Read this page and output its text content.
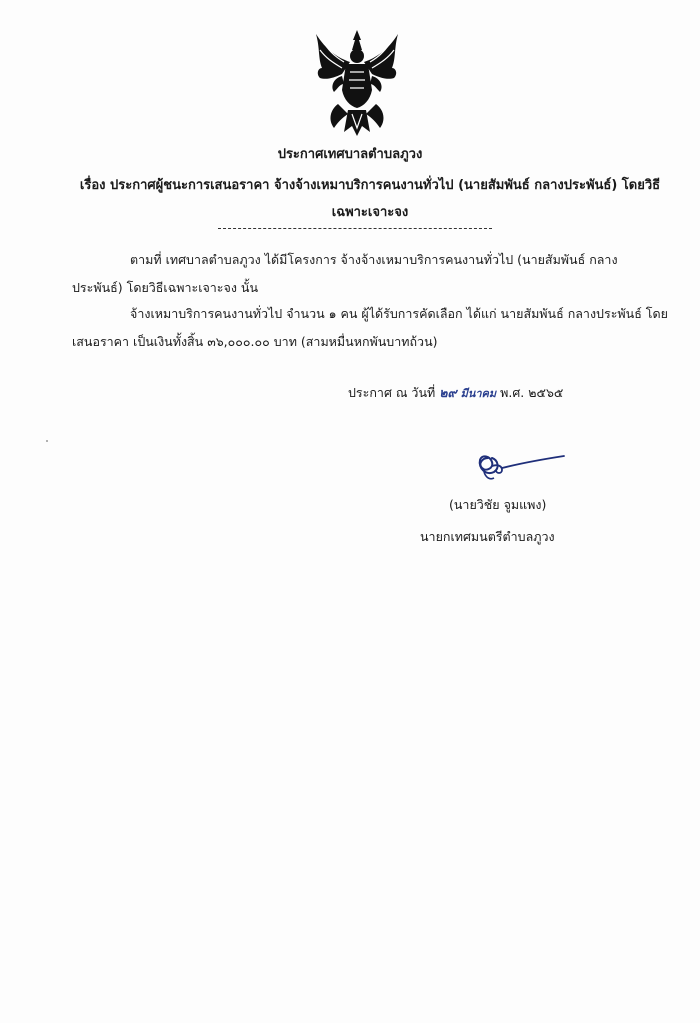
ประกาศเทศบาลตำบลภูวง
เรื่อง ประกาศผู้ชนะการเสนอราคา จ้างจ้างเหมาบริการคนงานทั่วไป (นายสัมพันธ์ กลางประพันธ์) โดยวิธีเฉพาะเจาะจง
ตามที่ เทศบาลตำบลภูวง ได้มีโครงการ จ้างจ้างเหมาบริการคนงานทั่วไป (นายสัมพันธ์ กลางประพันธ์) โดยวิธีเฉพาะเจาะจง นั้น
จ้างเหมาบริการคนงานทั่วไป จำนวน ๑ คน ผู้ได้รับการคัดเลือก ได้แก่ นายสัมพันธ์ กลางประพันธ์ โดยเสนอราคา เป็นเงินทั้งสิ้น ๓๖,๐๐๐.๐๐ บาท (สามหมื่นหกพันบาทถ้วน)
ประกาศ ณ วันที่ ๒๙ มีนาคม พ.ศ. ๒๕๖๕
(นายวิชัย จูมแพง)
นายกเทศมนตรีตำบลภูวง
